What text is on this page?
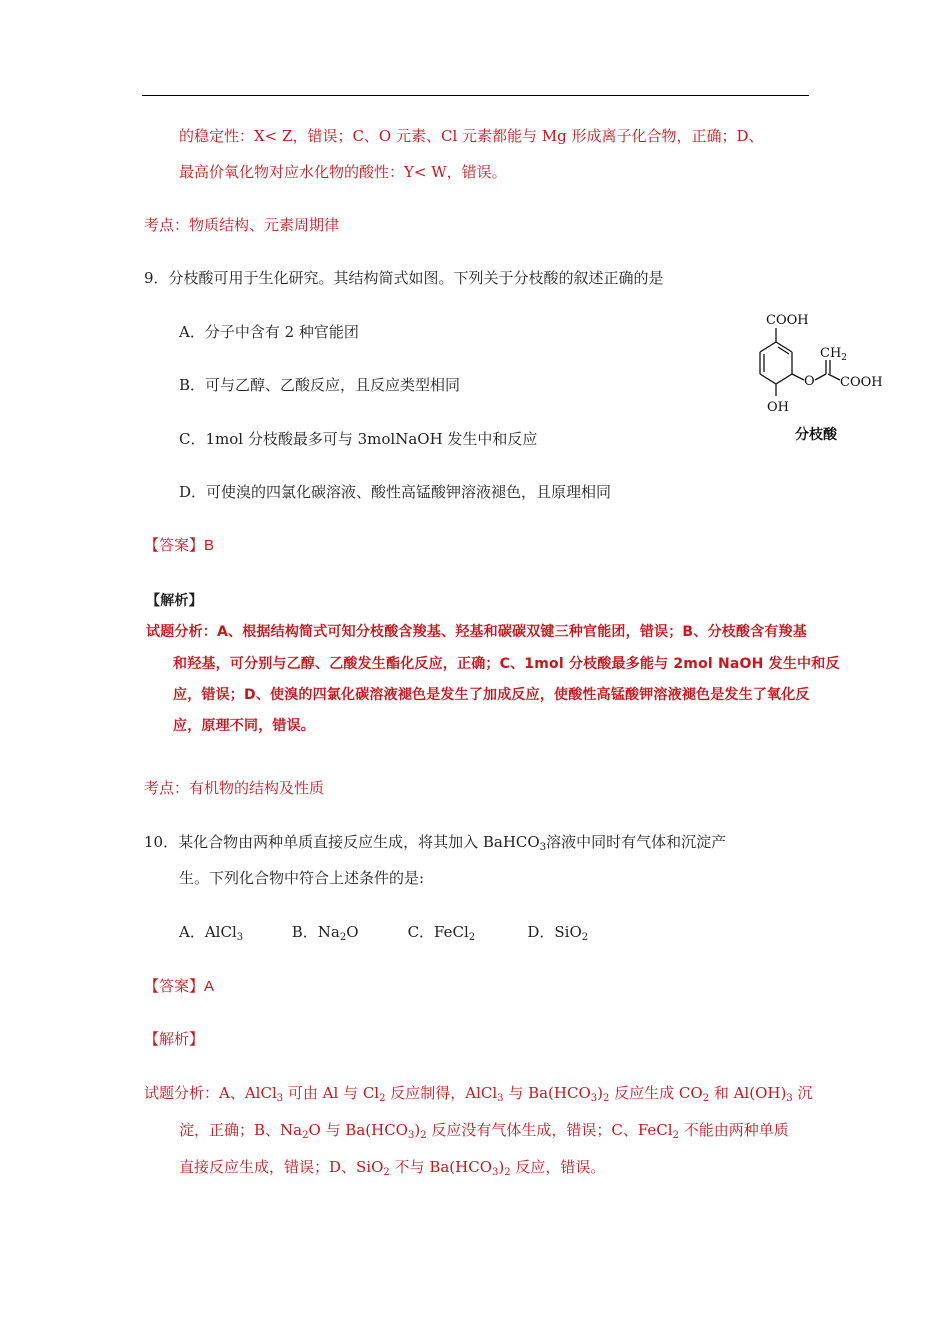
的稳定性：X< Z，错误；C、O 元素、Cl 元素都能与 Mg 形成离子化合物，正确；D、
最高价氧化物对应水化物的酸性：Y< W，错误。
考点：物质结构、元素周期律
9．分枝酸可用于生化研究。其结构简式如图。下列关于分枝酸的叙述正确的是
A．分子中含有 2 种官能团
B．可与乙醇、乙酸反应，且反应类型相同
C．1mol 分枝酸最多可与 3molNaOH 发生中和反应
D．可使溴的四氯化碳溶液、酸性高锰酸钾溶液褪色，且原理相同
COOH
OH
O
$CH_2$
COOH
分枝酸
【答案】B
【解析】
试题分析：A、根据结构简式可知分枝酸含羧基、羟基和碳碳双键三种官能团，错误；B、分枝酸含有羧基
和羟基，可分别与乙醇、乙酸发生酯化反应，正确；C、1mol 分枝酸最多能与 2mol NaOH 发生中和反
应，错误；D、使溴的四氯化碳溶液褪色是发生了加成反应，使酸性高锰酸钾溶液褪色是发生了氧化反
应，原理不同，错误。
考点：有机物的结构及性质
10．某化合物由两种单质直接反应生成，将其加入 BaHCO$_3$溶液中同时有气体和沉淀产
生。下列化合物中符合上述条件的是:
A．AlCl$_3$	B．$Na_2O$	C．FeCl$_2$	D．SiO$_2$
【答案】A
【解析】
试题分析：A、AlCl$_3$ 可由 Al 与 $Cl_2$ 反应制得，AlCl$_3$ 与 $Ba(HCO_3)_2$ 反应生成 $CO_2$ 和 $Al(OH)_3$ 沉
淀，正确；B、$Na_2O$ 与 $Ba(HCO_3)_2$ 反应没有气体生成，错误；C、FeCl$_2$ 不能由两种单质
直接反应生成，错误；D、SiO$_2$ 不与 $Ba(HCO_3)_2$ 反应，错误。
